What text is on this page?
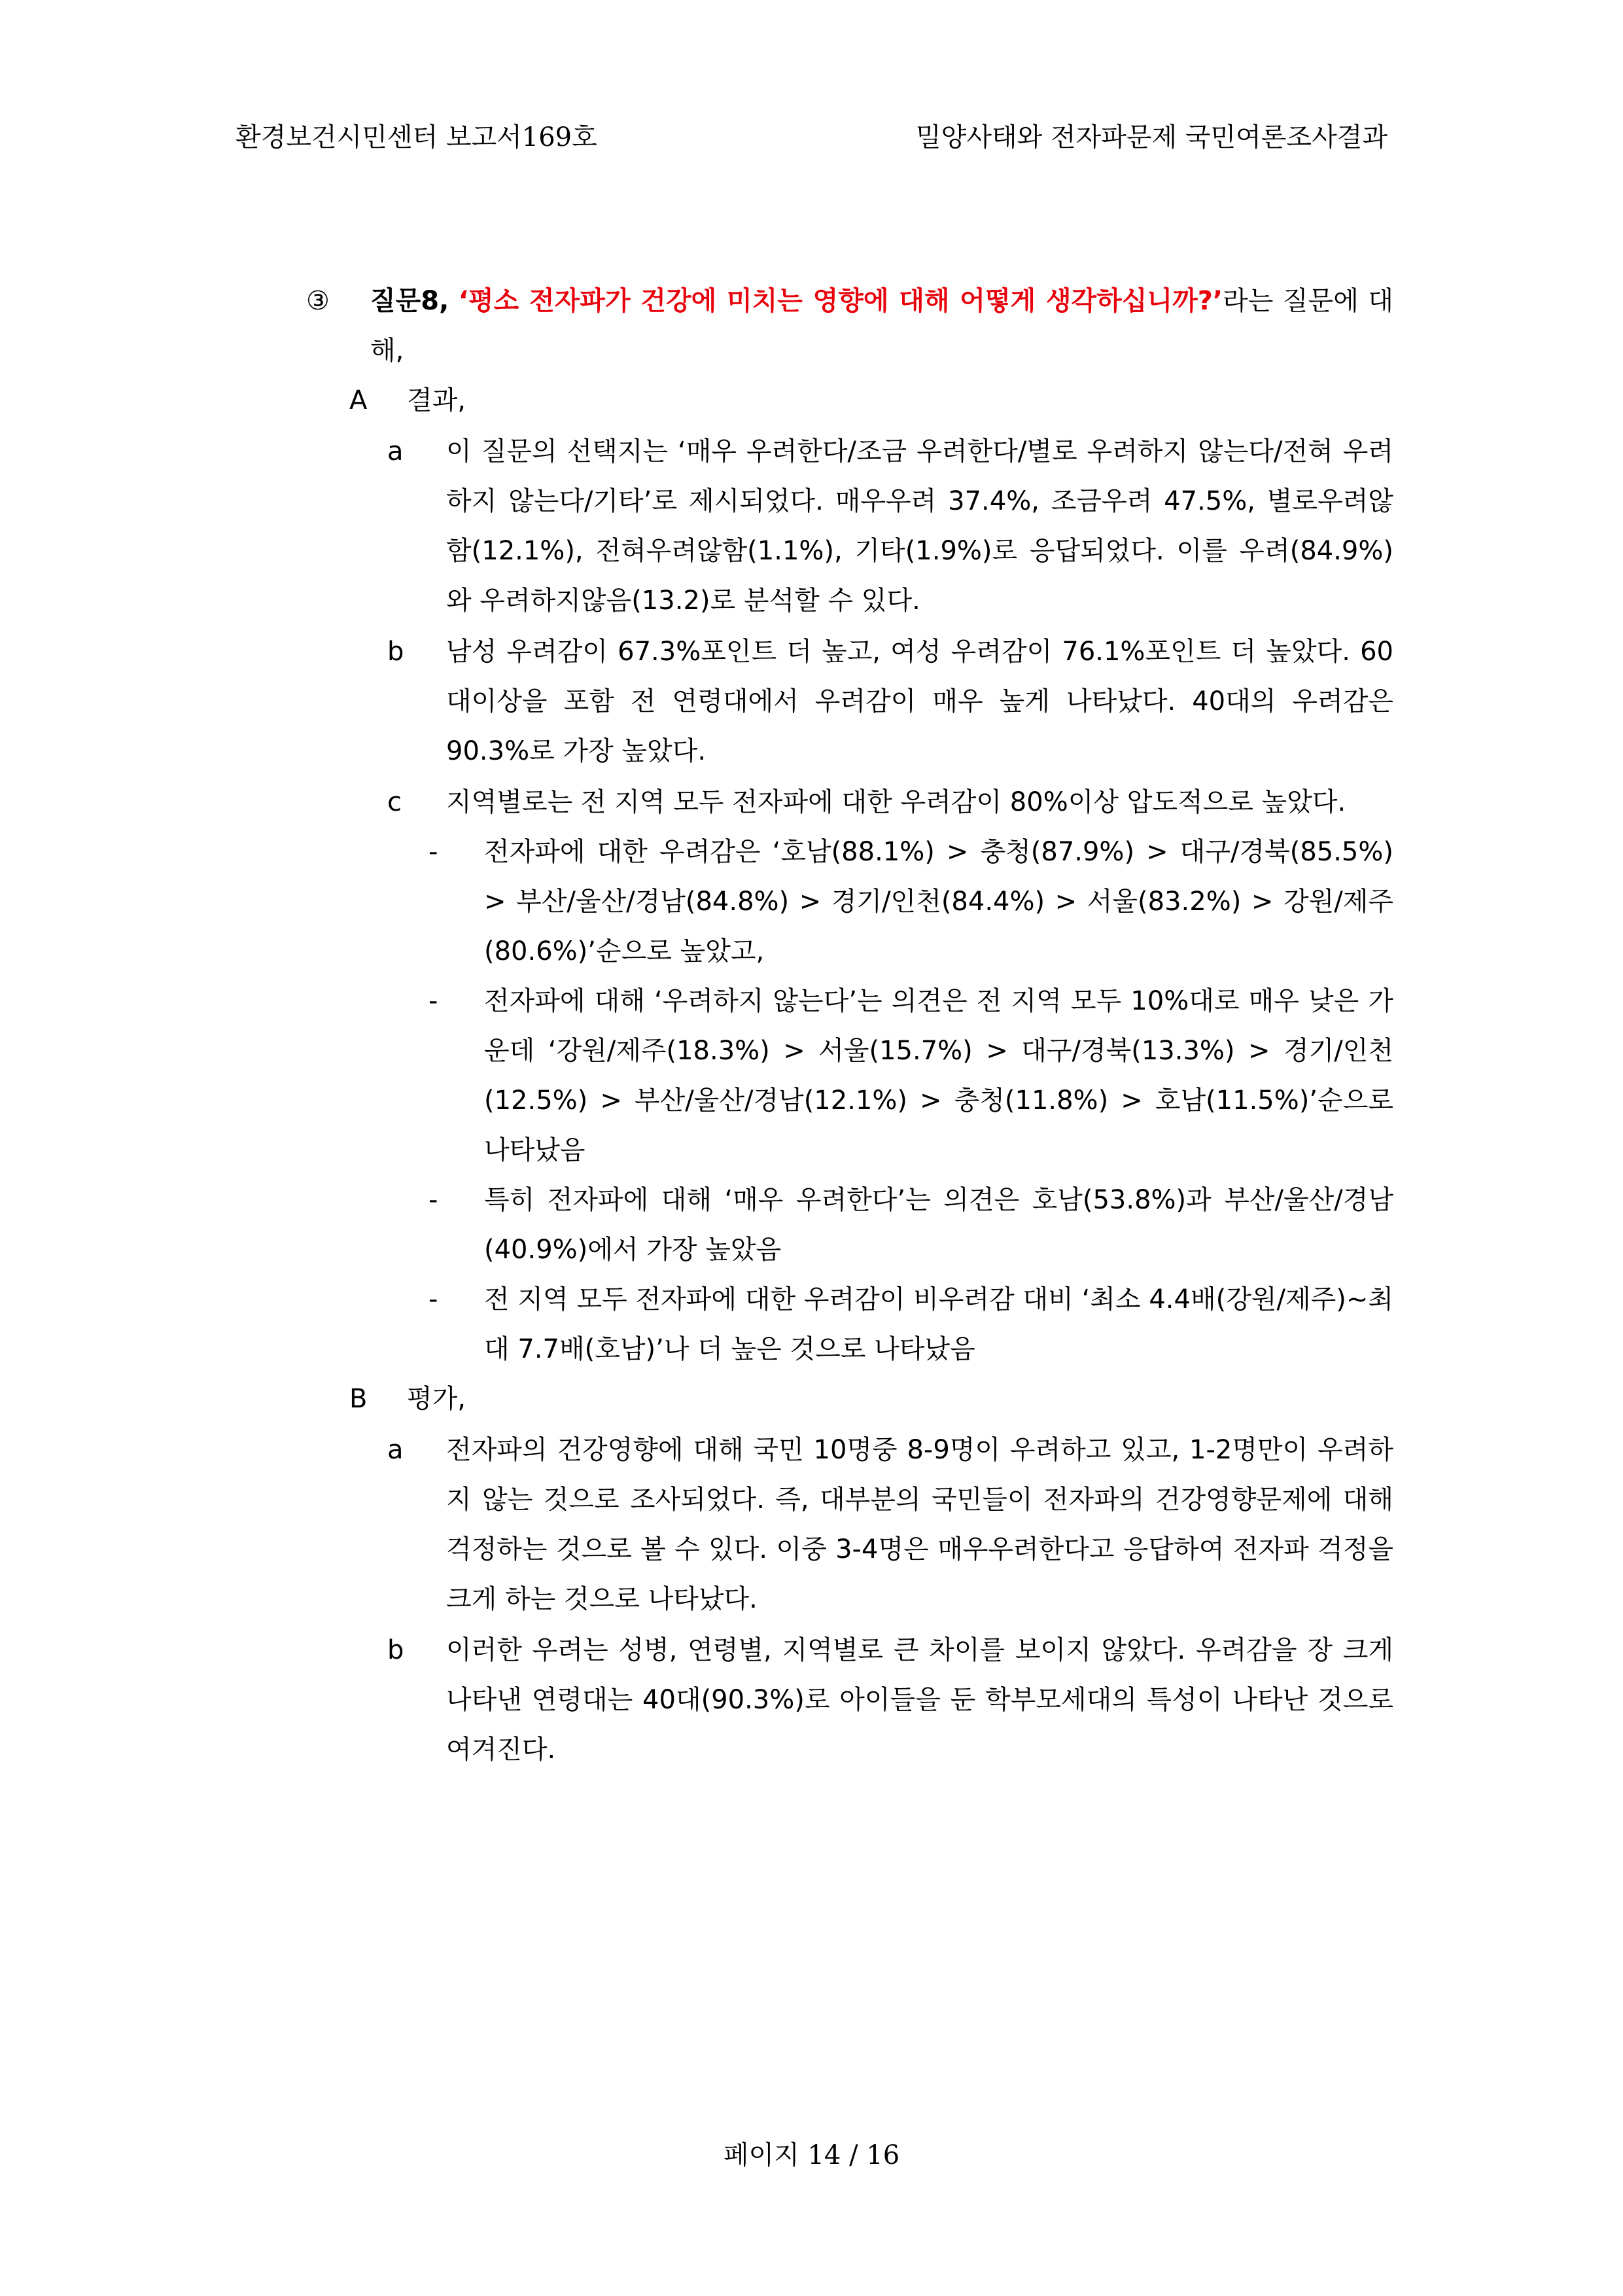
환경보건시민센터 보고서169호	밀양사태와 전자파문제 국민여론조사결과
③ 질문8, ‘평소 전자파가 건강에 미치는 영향에 대해 어떻게 생각하십니까?’라는 질문에 대해,
A 결과,
a 이 질문의 선택지는 ‘매우 우려한다/조금 우려한다/별로 우려하지 않는다/전혀 우려하지 않는다/기타’로 제시되었다. 매우우려 37.4%, 조금우려 47.5%, 별로우려않함(12.1%), 전혀우려않함(1.1%), 기타(1.9%)로 응답되었다. 이를 우려(84.9%)와 우려하지않음(13.2)로 분석할 수 있다.
b 남성 우려감이 67.3%포인트 더 높고, 여성 우려감이 76.1%포인트 더 높았다. 60대이상을 포함 전 연령대에서 우려감이 매우 높게 나타났다. 40대의 우려감은 90.3%로 가장 높았다.
c 지역별로는 전 지역 모두 전자파에 대한 우려감이 80%이상 압도적으로 높았다.
- 전자파에 대한 우려감은 ‘호남(88.1%) > 충청(87.9%) > 대구/경북(85.5%) > 부산/울산/경남(84.8%) > 경기/인천(84.4%) > 서울(83.2%) > 강원/제주(80.6%)’순으로 높았고,
- 전자파에 대해 ‘우려하지 않는다’는 의견은 전 지역 모두 10%대로 매우 낮은 가운데 ‘강원/제주(18.3%) > 서울(15.7%) > 대구/경북(13.3%) > 경기/인천(12.5%) > 부산/울산/경남(12.1%) > 충청(11.8%) > 호남(11.5%)’순으로 나타났음
- 특히 전자파에 대해 ‘매우 우려한다’는 의견은 호남(53.8%)과 부산/울산/경남(40.9%)에서 가장 높았음
- 전 지역 모두 전자파에 대한 우려감이 비우려감 대비 ‘최소 4.4배(강원/제주)~최대 7.7배(호남)’나 더 높은 것으로 나타났음
B 평가,
a 전자파의 건강영향에 대해 국민 10명중 8-9명이 우려하고 있고, 1-2명만이 우려하지 않는 것으로 조사되었다. 즉, 대부분의 국민들이 전자파의 건강영향문제에 대해 걱정하는 것으로 볼 수 있다. 이중 3-4명은 매우우려한다고 응답하여 전자파 걱정을 크게 하는 것으로 나타났다.
b 이러한 우려는 성병, 연령별, 지역별로 큰 차이를 보이지 않았다. 우려감을 장 크게 나타낸 연령대는 40대(90.3%)로 아이들을 둔 학부모세대의 특성이 나타난 것으로 여겨진다.
페이지 14 / 16
